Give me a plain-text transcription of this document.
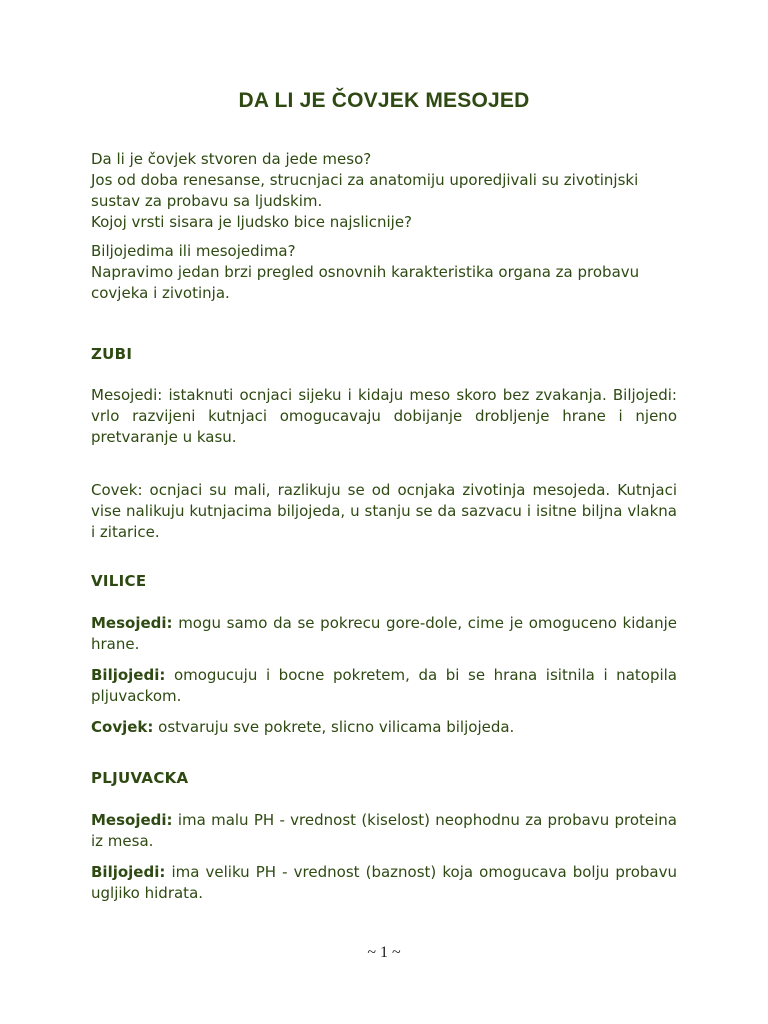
DA LI JE ČOVJEK MESOJED

Da li je čovjek stvoren da jede meso?

Jos od doba renesanse, strucnjaci za anatomiju uporedjivali su zivotinjski sustav za probavu sa ljudskim.

Kojoj vrsti sisara je ljudsko bice najslicnije?

Biljojedima ili mesojedima?

Napravimo jedan brzi pregled osnovnih karakteristika organa za probavu covjeka i zivotinja.

ZUBI

Mesojedi: istaknuti ocnjaci sijeku i kidaju meso skoro bez zvakanja. Biljojedi: vrlo razvijeni kutnjaci omogucavaju dobijanje drobljenje hrane i njeno pretvaranje u kasu.

Covek: ocnjaci su mali, razlikuju se od ocnjaka zivotinja mesojeda. Kutnjaci vise nalikuju kutnjacima biljojeda, u stanju se da sazvacu i isitne biljna vlakna i zitarice.

VILICE

Mesojedi: mogu samo da se pokrecu gore-dole, cime je omoguceno kidanje hrane.

Biljojedi: omogucuju i bocne pokretem, da bi se hrana isitnila i natopila pljuvackom.

Covjek: ostvaruju sve pokrete, slicno vilicama biljojeda.

PLJUVACKA

Mesojedi: ima malu PH - vrednost (kiselost) neophodnu za probavu proteina iz mesa.

Biljojedi: ima veliku PH - vrednost (baznost) koja omogucava bolju probavu ugljiko hidrata.

~ 1 ~
